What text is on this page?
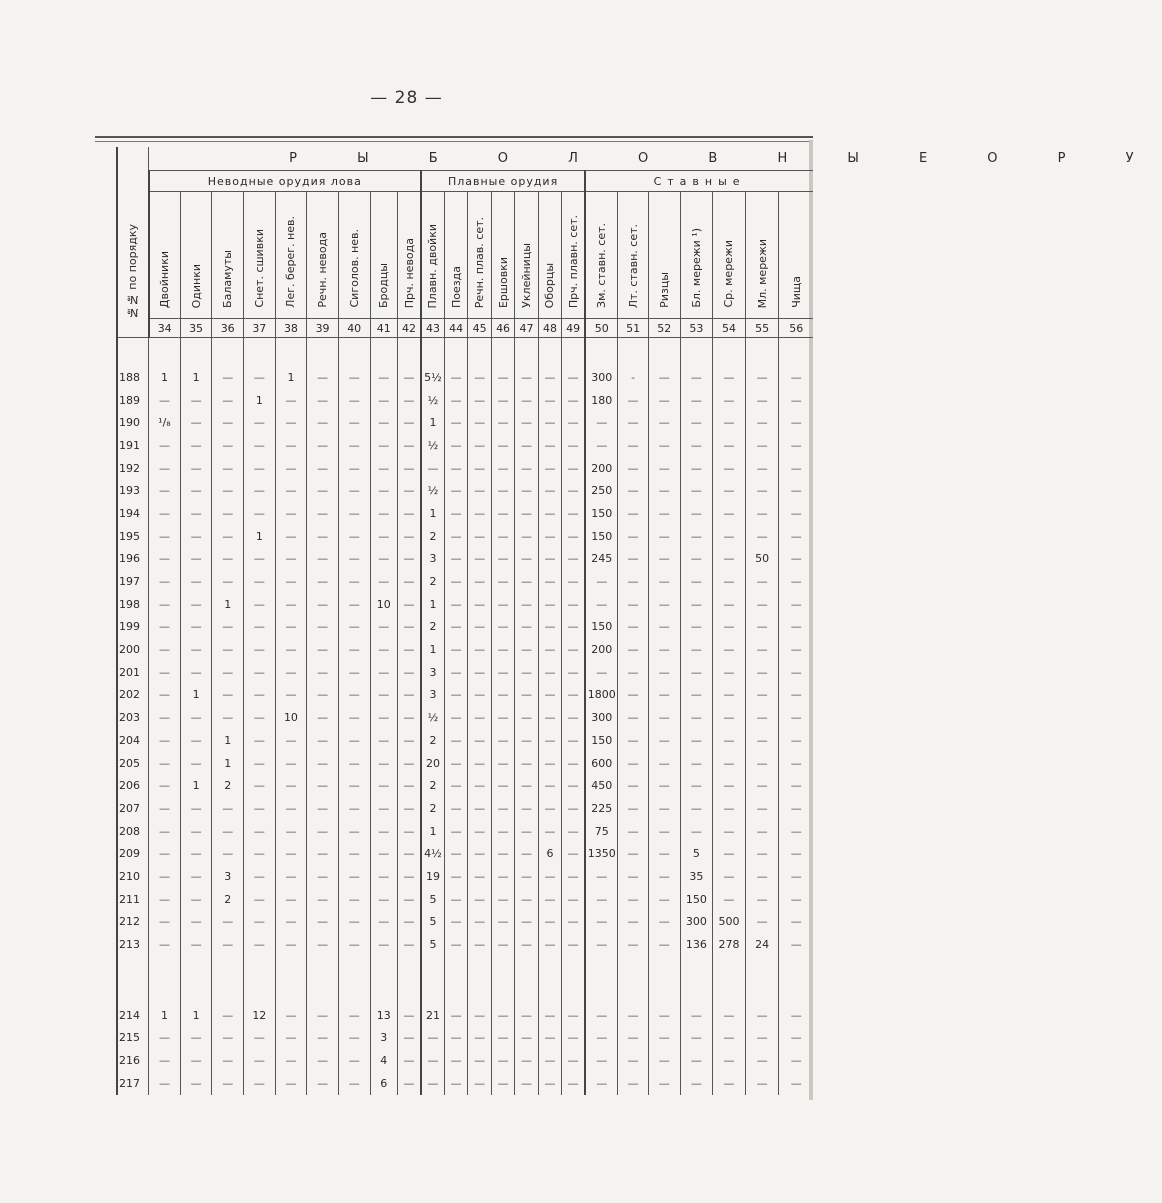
— 28 —
№№ по порядку	Р Ы Б О Л О В Н Ы Е О Р У																						
	Неводные орудия лова									Плавные орудия							Ставные						
	Двойники	Одинки	Баламуты	Снет. сшивки	Лег. берег. нев.	Речн. невода	Сиголов. нев.	Бродцы	Прч. невода	Плавн. двойки	Поезда	Речн. плав. сет.	Ершовки	Уклейницы	Оборцы	Прч. плавн. сет.	Зм. ставн. сет.	Лт. ставн. сет.	Ризцы	Бл. мережи ¹)	Ср. мережи	Мл. мережи	Чища
	34	35	36	37	38	39	40	41	42	43	44	45	46	47	48	49	50	51	52	53	54	55	56

188	1	1	—	—	1	—	—	—	—	5½	—	—	—	—	—	—	300	-	—	—	—	—	—
189	—	—	—	1	—	—	—	—	—	½	—	—	—	—	—	—	180	—	—	—	—	—	—
190	¹/₈	—	—	—	—	—	—	—	—	1	—	—	—	—	—	—	—	—	—	—	—	—	—
191	—	—	—	—	—	—	—	—	—	½	—	—	—	—	—	—	—	—	—	—	—	—	—
192	—	—	—	—	—	—	—	—	—	—	—	—	—	—	—	—	200	—	—	—	—	—	—
193	—	—	—	—	—	—	—	—	—	½	—	—	—	—	—	—	250	—	—	—	—	—	—
194	—	—	—	—	—	—	—	—	—	1	—	—	—	—	—	—	150	—	—	—	—	—	—
195	—	—	—	1	—	—	—	—	—	2	—	—	—	—	—	—	150	—	—	—	—	—	—
196	—	—	—	—	—	—	—	—	—	3	—	—	—	—	—	—	245	—	—	—	—	50	—
197	—	—	—	—	—	—	—	—	—	2	—	—	—	—	—	—	—	—	—	—	—	—	—
198	—	—	1	—	—	—	—	10	—	1	—	—	—	—	—	—	—	—	—	—	—	—	—
199	—	—	—	—	—	—	—	—	—	2	—	—	—	—	—	—	150	—	—	—	—	—	—
200	—	—	—	—	—	—	—	—	—	1	—	—	—	—	—	—	200	—	—	—	—	—	—
201	—	—	—	—	—	—	—	—	—	3	—	—	—	—	—	—	—	—	—	—	—	—	—
202	—	1	—	—	—	—	—	—	—	3	—	—	—	—	—	—	1800	—	—	—	—	—	—
203	—	—	—	—	10	—	—	—	—	½	—	—	—	—	—	—	300	—	—	—	—	—	—
204	—	—	1	—	—	—	—	—	—	2	—	—	—	—	—	—	150	—	—	—	—	—	—
205	—	—	1	—	—	—	—	—	—	20	—	—	—	—	—	—	600	—	—	—	—	—	—
206	—	1	2	—	—	—	—	—	—	2	—	—	—	—	—	—	450	—	—	—	—	—	—
207	—	—	—	—	—	—	—	—	—	2	—	—	—	—	—	—	225	—	—	—	—	—	—
208	—	—	—	—	—	—	—	—	—	1	—	—	—	—	—	—	75	—	—	—	—	—	—
209	—	—	—	—	—	—	—	—	—	4½	—	—	—	—	6	—	1350	—	—	5	—	—	—
210	—	—	3	—	—	—	—	—	—	19	—	—	—	—	—	—	—	—	—	35	—	—	—
211	—	—	2	—	—	—	—	—	—	5	—	—	—	—	—	—	—	—	—	150	—	—	—
212	—	—	—	—	—	—	—	—	—	5	—	—	—	—	—	—	—	—	—	300	500	—	—
213	—	—	—	—	—	—	—	—	—	5	—	—	—	—	—	—	—	—	—	136	278	24	—

214	1	1	—	12	—	—	—	13	—	21	—	—	—	—	—	—	—	—	—	—	—	—	—
215	—	—	—	—	—	—	—	3	—	—	—	—	—	—	—	—	—	—	—	—	—	—	—
216	—	—	—	—	—	—	—	4	—	—	—	—	—	—	—	—	—	—	—	—	—	—	—
217	—	—	—	—	—	—	—	6	—	—	—	—	—	—	—	—	—	—	—	—	—	—	—
